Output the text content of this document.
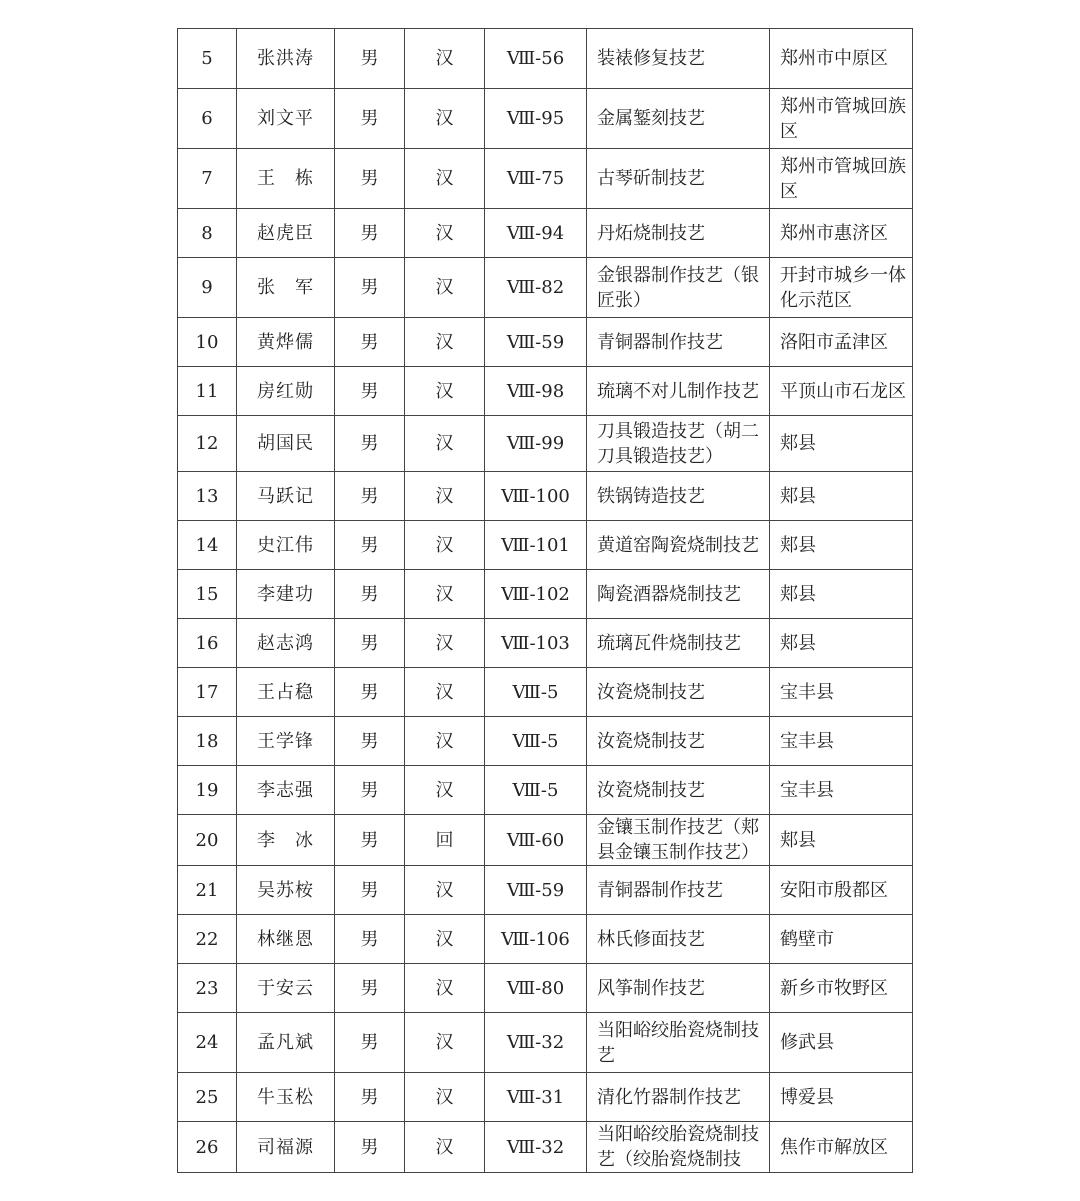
5	张洪涛	男	汉	Ⅷ-56	装裱修复技艺	郑州市中原区
6	刘文平	男	汉	Ⅷ-95	金属錾刻技艺	郑州市管城回族区
7	王　栋	男	汉	Ⅷ-75	古琴斫制技艺	郑州市管城回族区
8	赵虎臣	男	汉	Ⅷ-94	丹炻烧制技艺	郑州市惠济区
9	张　军	男	汉	Ⅷ-82	金银器制作技艺（银匠张）	开封市城乡一体化示范区
10	黄烨儒	男	汉	Ⅷ-59	青铜器制作技艺	洛阳市孟津区
11	房红勋	男	汉	Ⅷ-98	琉璃不对儿制作技艺	平顶山市石龙区
12	胡国民	男	汉	Ⅷ-99	刀具锻造技艺（胡二刀具锻造技艺）	郏县
13	马跃记	男	汉	Ⅷ-100	铁锅铸造技艺	郏县
14	史江伟	男	汉	Ⅷ-101	黄道窑陶瓷烧制技艺	郏县
15	李建功	男	汉	Ⅷ-102	陶瓷酒器烧制技艺	郏县
16	赵志鸿	男	汉	Ⅷ-103	琉璃瓦件烧制技艺	郏县
17	王占稳	男	汉	Ⅷ-5	汝瓷烧制技艺	宝丰县
18	王学锋	男	汉	Ⅷ-5	汝瓷烧制技艺	宝丰县
19	李志强	男	汉	Ⅷ-5	汝瓷烧制技艺	宝丰县
20	李　冰	男	回	Ⅷ-60	金镶玉制作技艺（郏县金镶玉制作技艺）	郏县
21	吴苏桉	男	汉	Ⅷ-59	青铜器制作技艺	安阳市殷都区
22	林继恩	男	汉	Ⅷ-106	林氏修面技艺	鹤壁市
23	于安云	男	汉	Ⅷ-80	风筝制作技艺	新乡市牧野区
24	孟凡斌	男	汉	Ⅷ-32	当阳峪绞胎瓷烧制技艺	修武县
25	牛玉松	男	汉	Ⅷ-31	清化竹器制作技艺	博爱县
26	司福源	男	汉	Ⅷ-32	当阳峪绞胎瓷烧制技艺（绞胎瓷烧制技	焦作市解放区
